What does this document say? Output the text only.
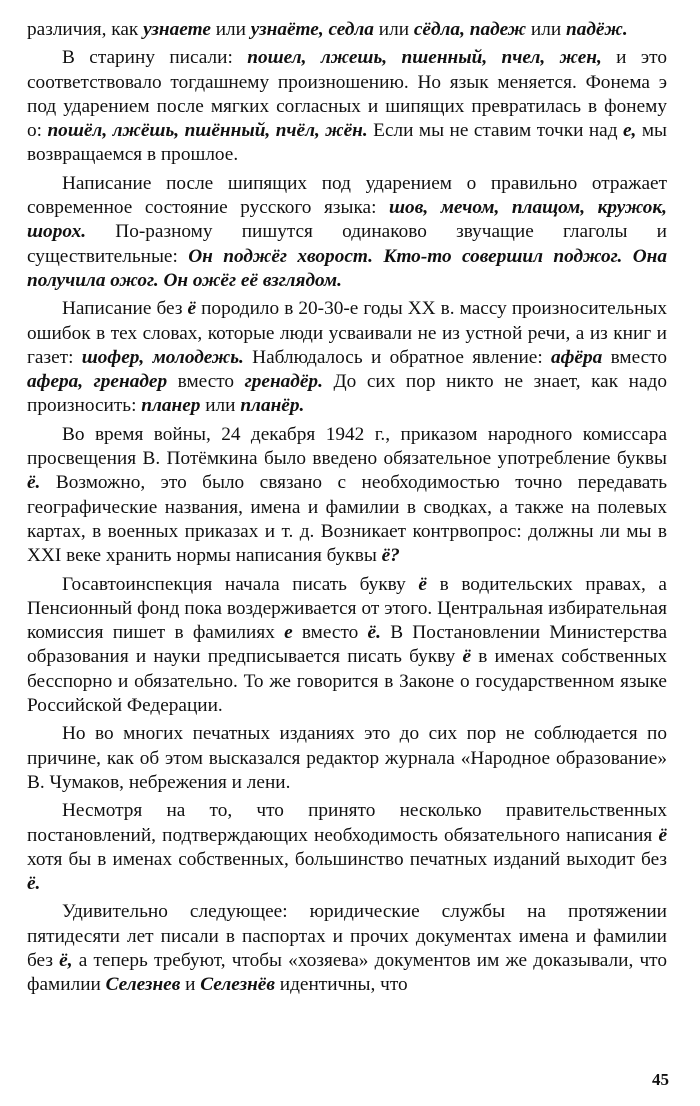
различия, как узнаете или узнаёте, седла или сёдла, падеж или падёж.

В старину писали: пошел, лжешь, пшенный, пчел, жен, и это соответствовало тогдашнему произношению. Но язык меняется. Фонема э под ударением после мягких согласных и шипящих превратилась в фонему о: пошёл, лжёшь, пшённый, пчёл, жён. Если мы не ставим точки над е, мы возвращаемся в прошлое.

Написание после шипящих под ударением о правильно отражает современное состояние русского языка: шов, мечом, плащом, кружок, шорох. По-разному пишутся одинаково звучащие глаголы и существительные: Он поджёг хворост. Кто-то совершил поджог. Она получила ожог. Он ожёг её взглядом.

Написание без ё породило в 20-30-е годы XX в. массу произносительных ошибок в тех словах, которые люди усваивали не из устной речи, а из книг и газет: шофер, молодежь. Наблюдалось и обратное явление: афёра вместо афера, гренадер вместо гренадёр. До сих пор никто не знает, как надо произносить: планер или планёр.

Во время войны, 24 декабря 1942 г., приказом народного комиссара просвещения В. Потёмкина было введено обязательное употребление буквы ё. Возможно, это было связано с необходимостью точно передавать географические названия, имена и фамилии в сводках, а также на полевых картах, в военных приказах и т. д. Возникает контрвопрос: должны ли мы в XXI веке хранить нормы написания буквы ё?

Госавтоинспекция начала писать букву ё в водительских правах, а Пенсионный фонд пока воздерживается от этого. Центральная избирательная комиссия пишет в фамилиях е вместо ё. В Постановлении Министерства образования и науки предписывается писать букву ё в именах собственных бесспорно и обязательно. То же говорится в Законе о государственном языке Российской Федерации.

Но во многих печатных изданиях это до сих пор не соблюдается по причине, как об этом высказался редактор журнала «Народное образование» В. Чумаков, небрежения и лени.

Несмотря на то, что принято несколько правительственных постановлений, подтверждающих необходимость обязательного написания ё хотя бы в именах собственных, большинство печатных изданий выходит без ё.

Удивительно следующее: юридические службы на протяжении пятидесяти лет писали в паспортах и прочих документах имена и фамилии без ё, а теперь требуют, чтобы «хозяева» документов им же доказывали, что фамилии Селезнев и Селезнёв идентичны, что

45
